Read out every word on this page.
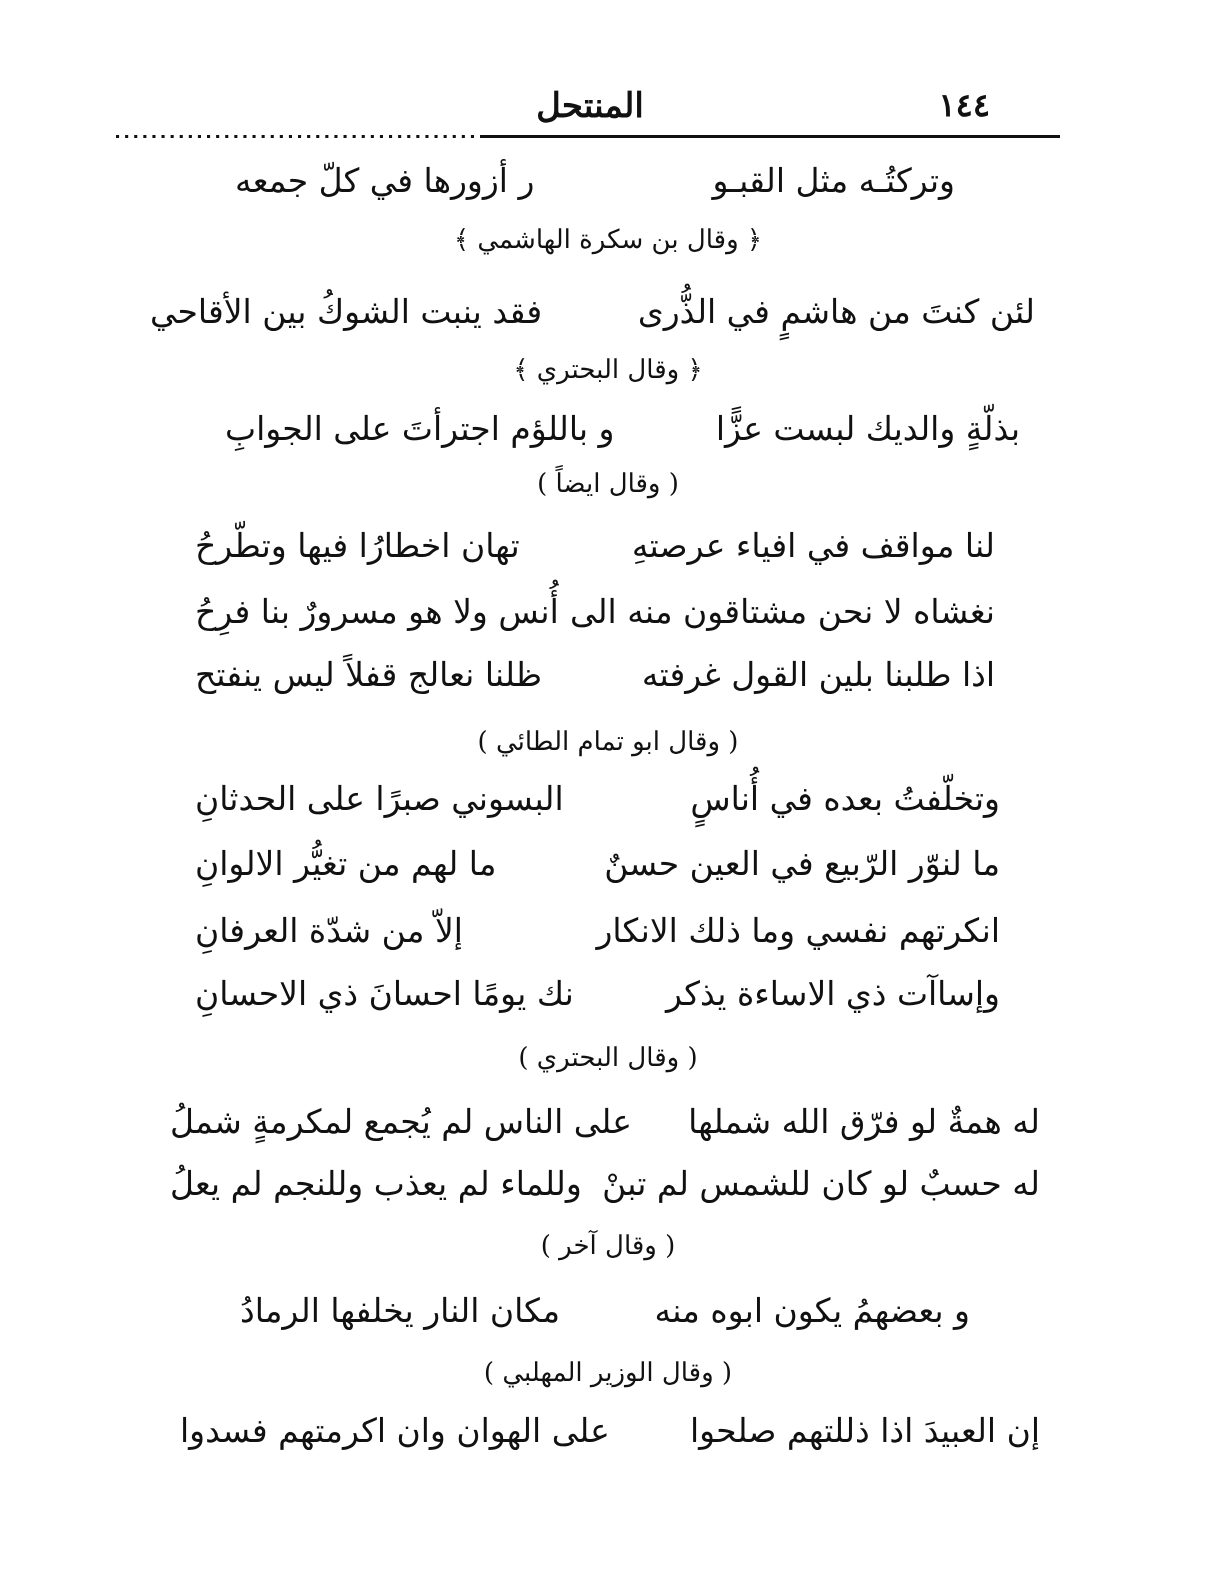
١٤٤
المنتحل
وتركتُـه مثل القبـو
ر أزورها في كلّ جمعه
﴿ وقال بن سكرة الهاشمي ﴾
لئن كنتَ من هاشمٍ في الذُّرى
فقد ينبت الشوكُ بين الأقاحي
﴿ وقال البحتري ﴾
بذلّةٍ والديك لبست عزًّا
و باللؤم اجترأتَ على الجوابِ
( وقال ايضاً )
لنا مواقف في افياء عرصتهِ
تهان اخطارُا فيها وتطّرحُ
نغشاه لا نحن مشتاقون منه الى
أُنس ولا هو مسرورٌ بنا فرِحُ
اذا طلبنا بلين القول غرفته
ظلنا نعالج قفلاً ليس ينفتح
( وقال ابو تمام الطائي )
وتخلّفتُ بعده في أُناسٍ
البسوني صبرًا على الحدثانِ
ما لنوّر الرّبيع في العين حسنٌ
ما لهم من تغيُّر الالوانِ
انكرتهم نفسي وما ذلك الانكار
إلاّ من شدّة العرفانِ
وإساآت ذي الاساءة يذكر
نك يومًا احسانَ ذي الاحسانِ
( وقال البحتري )
له همةٌ لو فرّق الله شملها
على الناس لم يُجمع لمكرمةٍ شملُ
له حسبٌ لو كان للشمس لم تبنْ
وللماء لم يعذب وللنجم لم يعلُ
( وقال آخر )
و بعضهمُ يكون ابوه منه
مكان النار يخلفها الرمادُ
( وقال الوزير المهلبي )
إن العبيدَ اذا ذللتهم صلحوا
على الهوان وان اكرمتهم فسدوا
